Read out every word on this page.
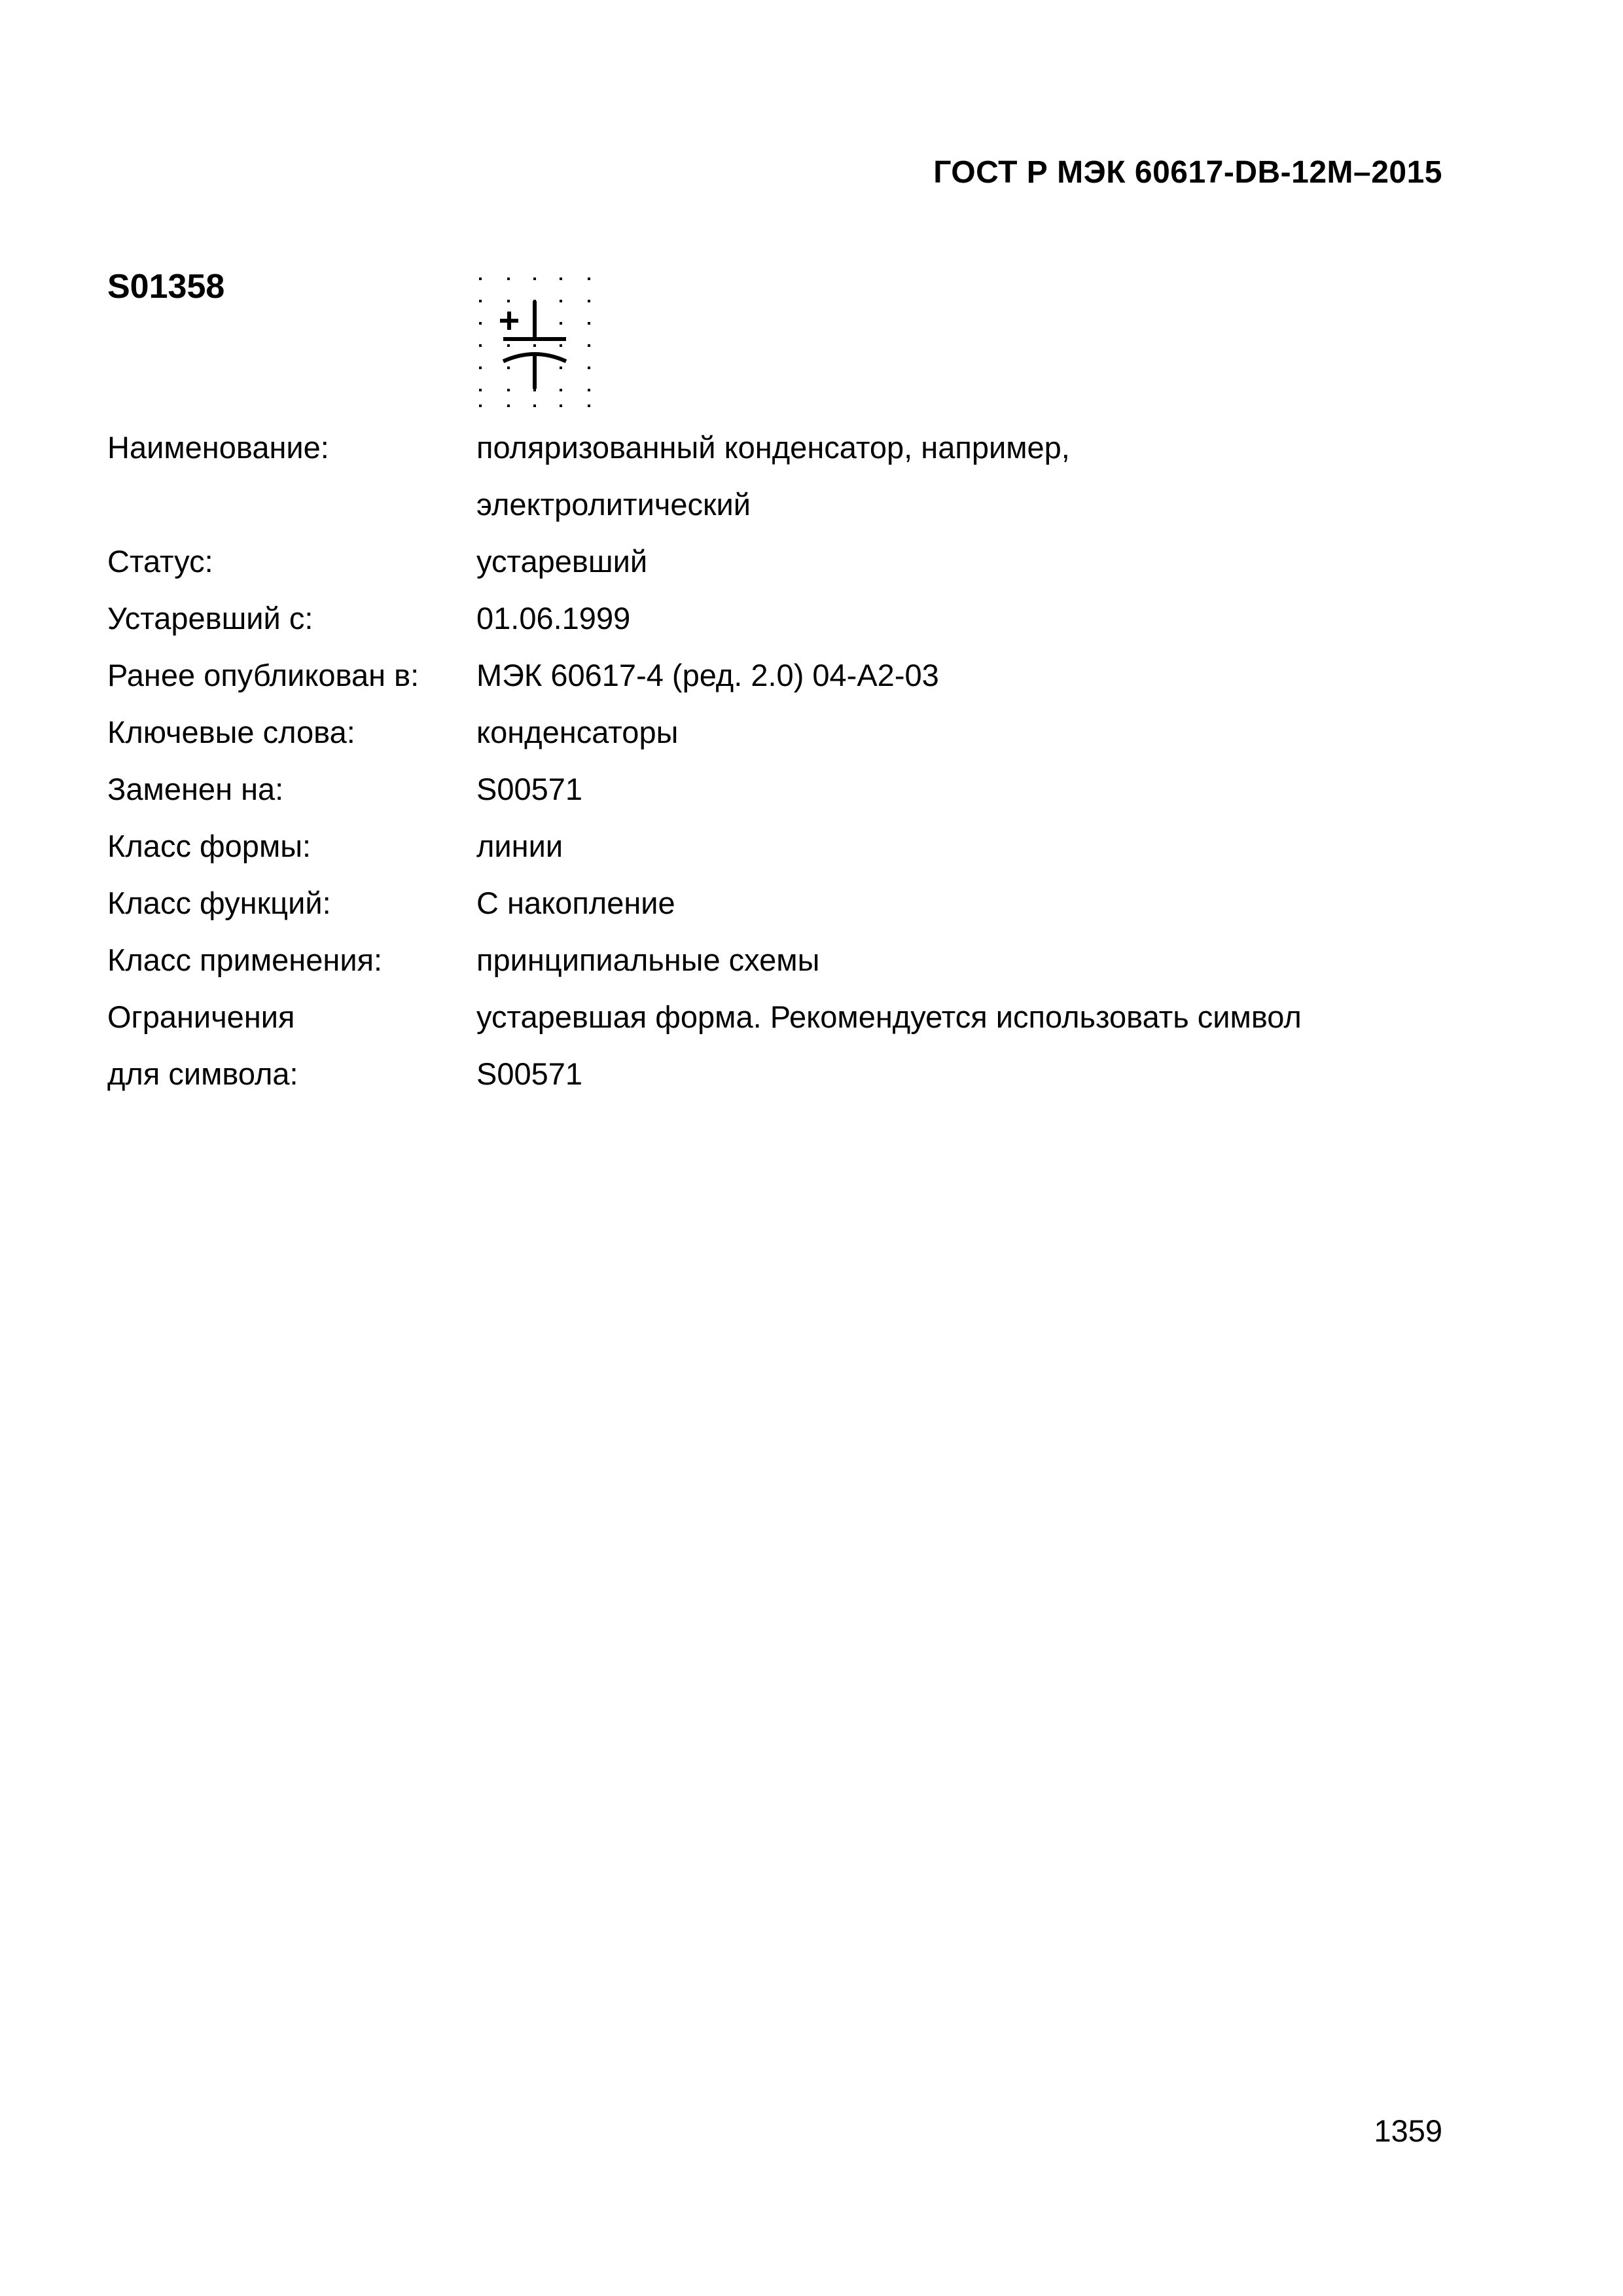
ГОСТ Р МЭК 60617-DB-12M–2015
S01358
Наименование:	поляризованный конденсатор, например, электролитический
Статус:	устаревший
Устаревший с:	01.06.1999
Ранее опубликован в:	МЭК 60617-4 (ред. 2.0) 04-A2-03
Ключевые слова:	конденсаторы
Заменен на:	S00571
Класс формы:	линии
Класс функций:	C накопление
Класс применения:	принципиальные схемы
Ограничения для символа:
устаревшая форма. Рекомендуется использовать символ S00571
1359
